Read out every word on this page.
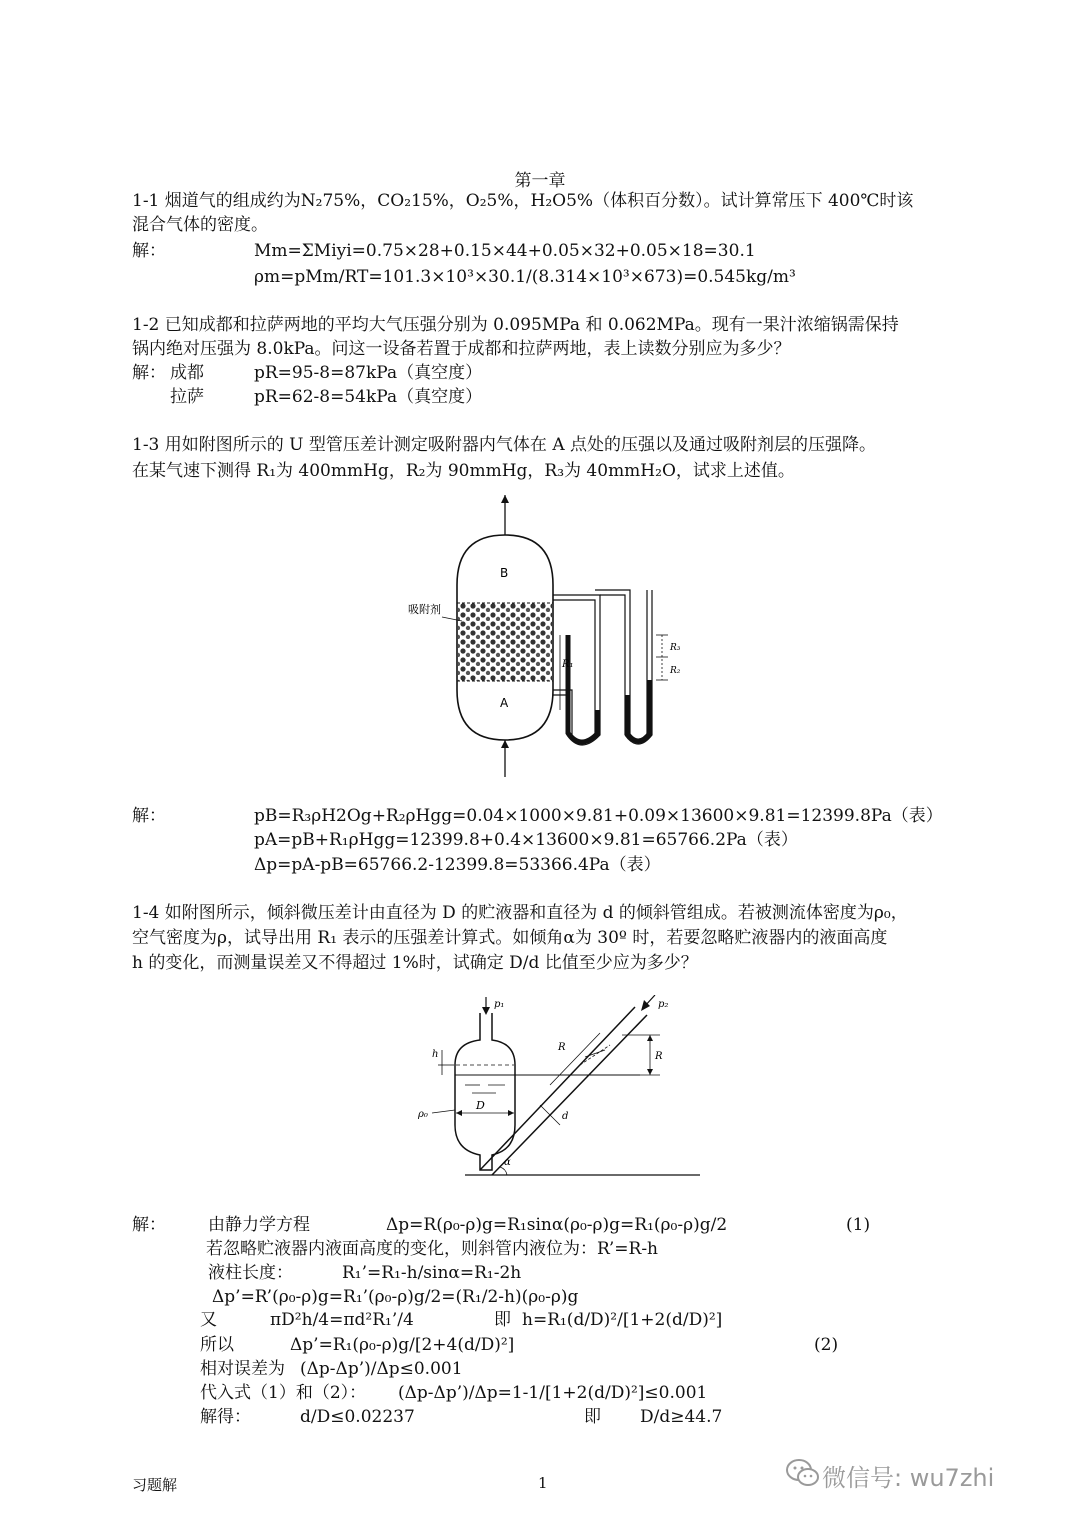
第一章
1-1 烟道气的组成约为N₂75%，CO₂15%，O₂5%，H₂O5%（体积百分数）。试计算常压下 400℃时该
混合气体的密度。
解：	Mm=ΣMiyi=0.75×28+0.15×44+0.05×32+0.05×18=30.1
ρm=pMm/RT=101.3×10³×30.1/(8.314×10³×673)=0.545kg/m³
1-2 已知成都和拉萨两地的平均大气压强分别为 0.095MPa 和 0.062MPa。现有一果汁浓缩锅需保持
锅内绝对压强为 8.0kPa。问这一设备若置于成都和拉萨两地，表上读数分别应为多少？
解： 成都	pR=95-8=87kPa（真空度）
拉萨	pR=62-8=54kPa（真空度）
1-3 用如附图所示的 U 型管压差计测定吸附器内气体在 A 点处的压强以及通过吸附剂层的压强降。
在某气速下测得 R₁为 400mmHg，R₂为 90mmHg，R₃为 40mmH₂O，试求上述值。
B
A
吸附剂
R₁
R₃
R₂
解：	pB=R₃ρH2Og+R₂ρHgg=0.04×1000×9.81+0.09×13600×9.81=12399.8Pa（表）
pA=pB+R₁ρHgg=12399.8+0.4×13600×9.81=65766.2Pa（表）
Δp=pA-pB=65766.2-12399.8=53366.4Pa（表）
1-4 如附图所示，倾斜微压差计由直径为 D 的贮液器和直径为 d 的倾斜管组成。若被测流体密度为ρ₀，
空气密度为ρ，试导出用 R₁ 表示的压强差计算式。如倾角α为 30º 时，若要忽略贮液器内的液面高度
h 的变化，而测量误差又不得超过 1%时，试确定 D/d 比值至少应为多少？
p₁
h
D
ρ₀
p₂
R
R
d
α
解： 由静力学方程	Δp=R(ρ₀-ρ)g=R₁sinα(ρ₀-ρ)g=R₁(ρ₀-ρ)g/2	(1)
若忽略贮液器内液面高度的变化，则斜管内液位为：R’=R-h
液柱长度：	R₁’=R₁-h/sinα=R₁-2h
Δp’=R’(ρ₀-ρ)g=R₁’(ρ₀-ρ)g/2=(R₁/2-h)(ρ₀-ρ)g
又	πD²h/4=πd²R₁’/4	即 h=R₁(d/D)²/[1+2(d/D)²]
所以	Δp’=R₁(ρ₀-ρ)g/[2+4(d/D)²]	(2)
相对误差为 (Δp-Δp’)/Δp≤0.001
代入式（1）和（2）： (Δp-Δp’)/Δp=1-1/[1+2(d/D)²]≤0.001
解得：	d/D≤0.02237	即 D/d≥44.7
习题解	1	微信号: wu7zhi
